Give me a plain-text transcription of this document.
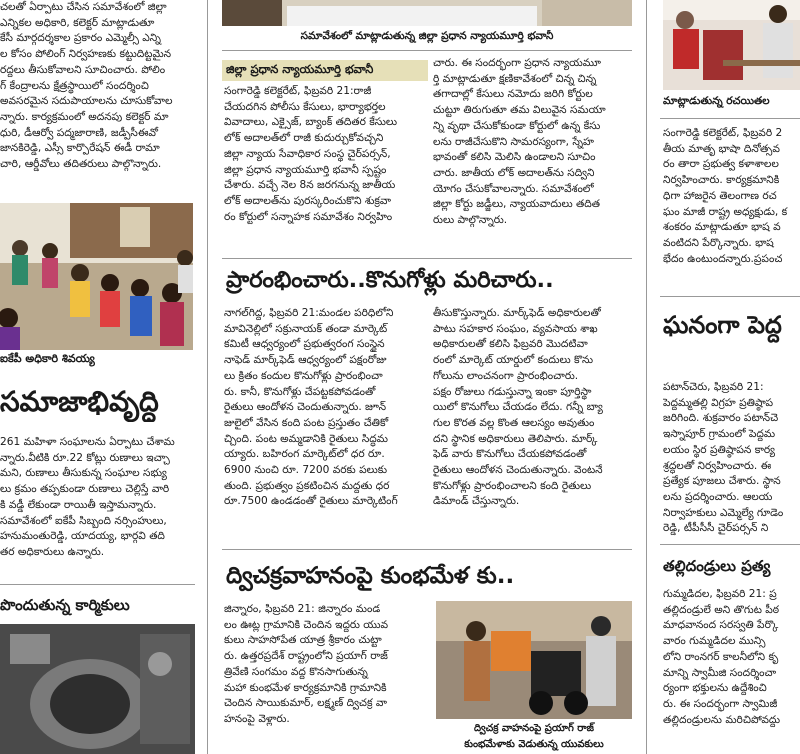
చలతో ఏర్పాటు చేసిన సమావేశంలో జిల్లా

ఎన్నికల అధికారి, కలెక్టర్ మాట్లాడుతూ

కేసీ మార్గదర్శకాల ప్రకారం ఎమ్మెల్సీ ఎన్ని

ల కోసం పోలింగ్ నిర్వహణకు కట్టుదిట్టమైన

రద్దలు తీసుకోవాలని సూచించారు. పోలిం

గ్ కేంద్రాలను క్షేత్రస్థాయిలో సందర్శించి

అవసరమైన సదుపాయాలను చూసుకోవాల

న్నారు. కార్యక్రమంలో అదనపు కలెక్టర్ మా

ధురి, డీఆర్వో పద్మజారాణి, జడ్పీసీఈవో

జానకిరెడ్డి, ఎస్సీ కార్పొరేషన్ ఈడీ రామా

చారి, ఆర్డీవోలు తదితరులు పాల్గొన్నారు.

ఐకేపీ అధికారి శివయ్య
సమాజాభివృద్ధి

261 మహిళా సంఘాలను ఏర్పాటు చేశామ

న్నారు.వీటికి రూ.22 కోట్లు రుణాలు ఇచ్చా

మని, రుణాలు తీసుకున్న సంఘాల సభ్యు

లు క్రమం తప్పకుండా రుణాలు చెల్లిస్తే వారి

కి వడ్డీ లేకుండా రాయితీ ఇస్తామన్నారు.

సమావేశంలో ఐకేపీ సిబ్బంది నర్సింహులు,

హనుమంతురెడ్డి, యాదయ్య, భార్గవి తది

తర అధికారులు ఉన్నారు.

పొందుతున్న కార్మికులు
సమావేశంలో మాట్లాడుతున్న జిల్లా ప్రధాన న్యాయమూర్తి భవానీ
జిల్లా ప్రధాన న్యాయమూర్తి భవానీ

సంగారెడ్డి కలెక్టరేట్, ఫిబ్రవరి 21:రాజీ

చేయదగిన పోలీసు కేసులు, భార్యాభర్తల

వివాదాలు, ఎక్సైజ్, బ్యాంక్ తదితర కేసులు

లోక్ అదాలత్‌లో రాజీ కుదుర్చుకోవచ్చని

జిల్లా న్యాయ సేవాధికార సంస్థ చైర్‌పర్సన్,

జిల్లా ప్రధాన న్యాయమూర్తి భవానీ స్పష్టం

చేశారు. వచ్చే నెల 8న జరగనున్న జాతీయ

లోక్ అదాలత్‌ను పురస్కరించుకొని శుక్రవా

రం కోర్టులో సన్నాహక సమావేశం నిర్వహిం

చారు. ఈ సందర్భంగా ప్రధాన న్యాయమూ

ర్తి మాట్లాడుతూ క్షణికావేశంలో చిన్న చిన్న

తగాదాల్లో కేసులు నమోదు జరిగి కోర్టుల

చుట్టూ తిరుగుతూ తమ విలువైన సమయా

న్ని వృథా చేసుకోకుండా కోర్టులో ఉన్న కేసు

లను రాజీచేసుకొని సామరస్యంగా, స్నేహ

భావంతో కలిసి మెలిసి ఉండాలని సూచిం

చారు. జాతీయ లోక్ అదాలత్‌ను సద్విని

యోగం చేసుకోవాలన్నారు. సమావేశంలో

జిల్లా కోర్టు జడ్జీలు, న్యాయవాదులు తదిత

రులు పాల్గొన్నారు.

ప్రారంభించారు..కొనుగోళ్లు మరిచారు..

నాగల్‌గిద్ద, ఫిబ్రవరి 21:మండల పరిధిలోని

మావినెల్లిలో సక్రునాయక్ తండా మార్కెట్

కమిటీ ఆధ్వర్యంలో ప్రభుత్వరంగ సంస్థైన

నాఫెడ్ మార్క్‌ఫెడ్ ఆధ్వర్యంలో పక్షంరోజు

లు క్రితం కందుల కొనుగోళ్లు ప్రారంభించా

రు. కానీ, కొనుగోళ్లు చేపట్టకపోవడంతో

రైతులు ఆందోళన చెందుతున్నారు. జూన్

జులైలో వేసిన కంది పంట ప్రస్తుతం చేతికో

చ్చింది. పంట అమ్మడానికి రైతులు సిద్ధమ

య్యారు. బహిరంగ మార్కెట్‌లో ధర రూ.

6900 నుంచి రూ. 7200 వరకు పలుకు

తుంది. ప్రభుత్వం ప్రకటించిన మద్దతు ధర

రూ.7500 ఉండడంతో రైతులు మార్కెటింగ్

తీసుకొస్తున్నారు. మార్క్‌ఫెడ్ అధికారులతో

పాటు సహకార సంఘం, వ్యవసాయ శాఖ

అధికారులతో కలిసి ఫిబ్రవరి మొదటివా

రంలో మార్కెట్ యార్డులో కందులు కొను

గోలును లాంచనంగా ప్రారంభించారు.

పక్షం రోజులు గడుస్తున్నా ఇంకా పూర్తిస్థా

యిలో కొనుగోలు చేయడం లేదు. గన్నీ బ్యా

గుల కొరత వల్ల కొంత ఆలస్యం అవుతుం

దని స్థానిక అధికారులు తెలిపారు. మార్క్

ఫెడ్ వారు కొనుగోలు చేయకపోవడంతో

రైతులు ఆందోళన చెందుతున్నారు. వెంటనే

కొనుగోళ్లు ప్రారంభించాలని కంది రైతులు

డిమాండ్ చేస్తున్నారు.

ద్విచక్రవాహనంపై కుంభమేళ కు..

జిన్నారం, ఫిబ్రవరి 21: జిన్నారం మండ

లం ఊట్ల గ్రామానికి చెందిన ఇద్దరు యువ

కులు సాహసోపేత యాత్ర శ్రీకారం చుట్టా

రు. ఉత్తరప్రదేశ్ రాష్ట్రంలోని ప్రయాగ్ రాజ్

త్రివేణి సంగమం వద్ద కొనసాగుతున్న

మహా కుంభమేళ కార్యక్రమానికి గ్రామానికి

చెందిన సాయికుమార్, లక్ష్మణ్ ద్విచక్ర వా

హనంపై వెళ్లారు.

ద్విచక్ర వాహనంపై ప్రయాగ్ రాజ్
కుంభమేళాకు వెడుతున్న యువకులు
మాట్లాడుతున్న రచయితల

సంగారెడ్డి కలెక్టరేట్, ఫిబ్రవరి 2

తీయ మాతృ భాషా దినోత్సవ

రం తారా ప్రభుత్వ కళాశాలల

నిర్వహించారు. కార్యక్రమానికి

ధిగా హాజరైన తెలంగాణ రచ

ఘం మాజీ రాష్ట్ర అధ్యక్షుడు, క

శంకరం మాట్లాడుతూ భాష వ

వంటిదని పేర్కొన్నారు. భాష

భేదం ఉంటుందన్నారు.ప్రపంచ

ఘనంగా పెద్ద

పటాన్‌చెరు, ఫిబ్రవరి 21:

పెద్దమ్మతల్లి విగ్రహ ప్రతిష్ఠాప

జరిగింది. శుక్రవారం పటాన్‌చె

ఇస్నాపూర్ గ్రామంలో పెద్దమ

లయం స్థిర ప్రతిష్ఠాపన కార్య

శ్రద్ధలతో నిర్వహించారు. ఈ

ప్రత్యేక పూజలు చేశారు. స్థాన

లను ప్రదర్శించారు. ఆలయ

నిర్వాహకులు ఎమ్మెల్యే గూడెం

రెడ్డి, టీపీసీసీ చైర్‌పర్సన్ ని

తల్లిదండ్రులు ప్రత్య

గుమ్మడిదల, ఫిబ్రవరి 21: ప్ర

తల్లిదండ్రులే అని తొగుట పీఠ

మాధవానంద సరస్వతి పేర్కొ

వారం గుమ్మడిదల మున్సి

లోని రాంనగర్ కాలనీలోని కృ

మాన్ని స్వామీజి సందర్శించా

ర్యంగా భక్తులను ఉద్దేశించి

రు. ఈ సందర్భంగా స్వామిజీ

తల్లిదండ్రులను మరిచిపోవద్దు
